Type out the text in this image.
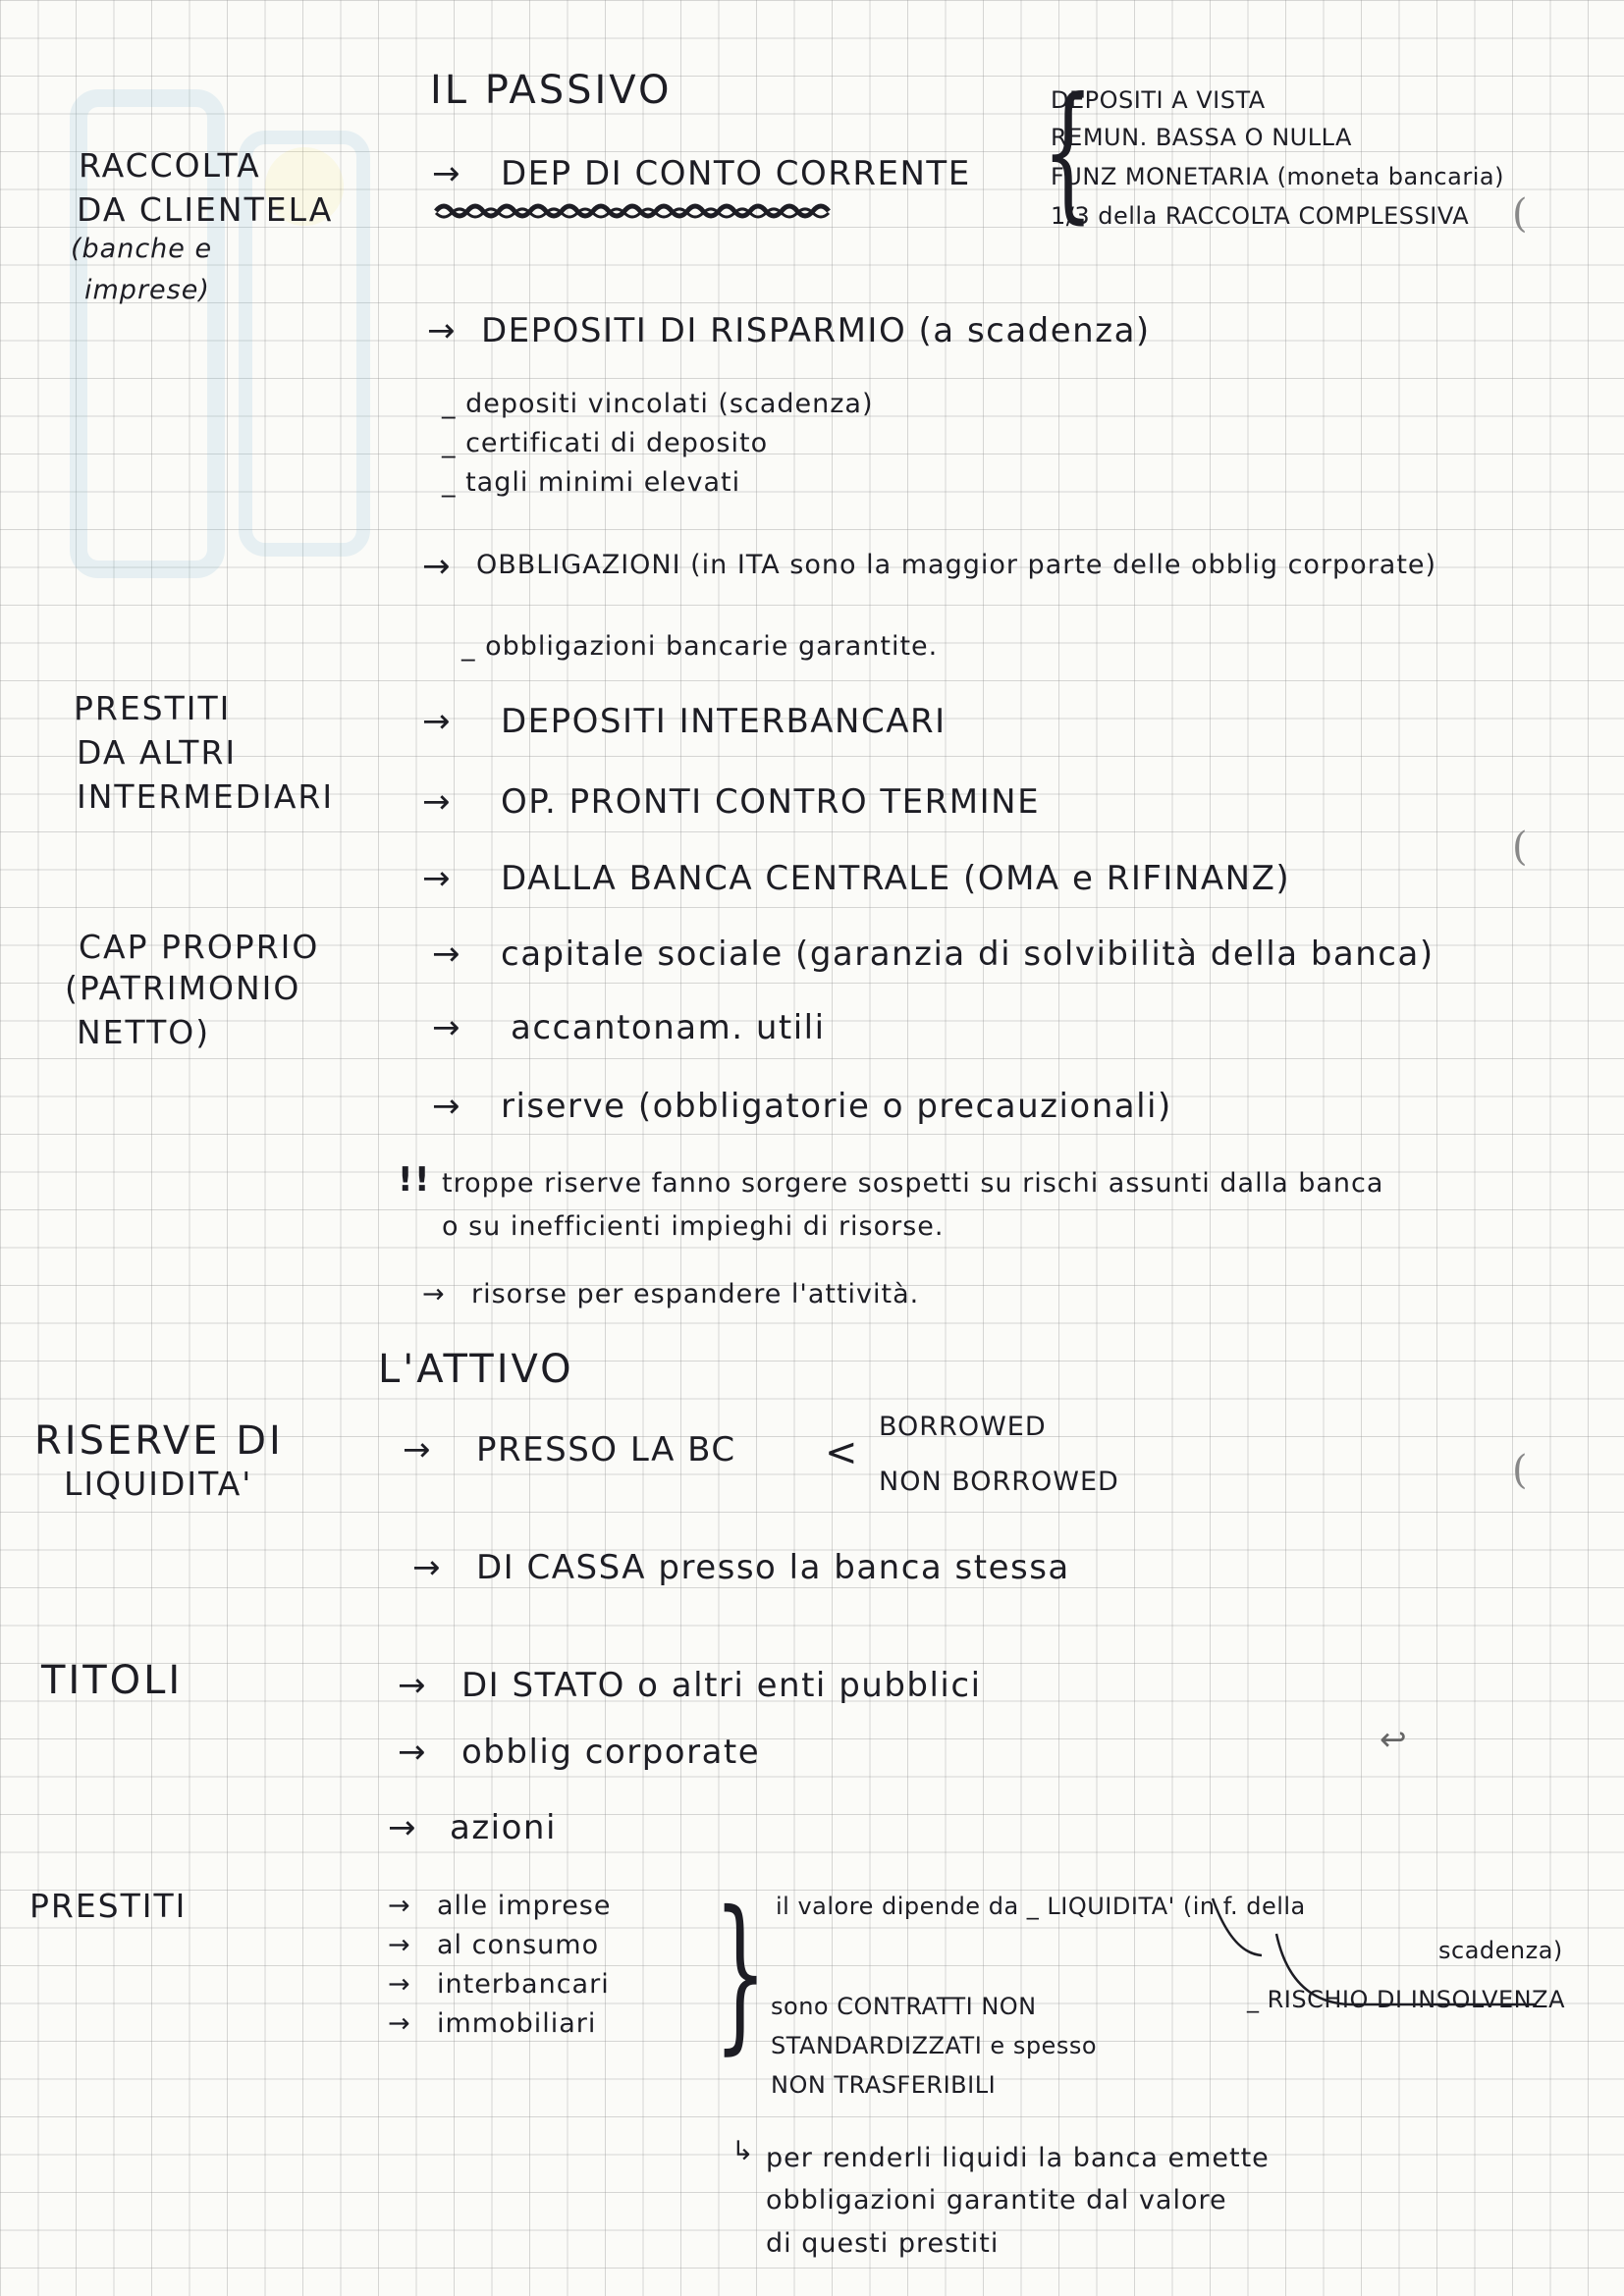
IL PASSIVO
RACCOLTA
DA CLIENTELA
(banche e
imprese)
→ DEP DI CONTO CORRENTE {
DEPOSITI A VISTA
REMUN. BASSA O NULLA
FUNZ MONETARIA (moneta bancaria)
1/3 della RACCOLTA COMPLESSIVA
→ DEPOSITI DI RISPARMIO (a scadenza)
_ depositi vincolati (scadenza)
_ certificati di deposito
_ tagli minimi elevati
→ OBBLIGAZIONI (in ITA sono la maggior parte delle obblig corporate)
_ obbligazioni bancarie garantite.
PRESTITI
DA ALTRI
INTERMEDIARI
→ DEPOSITI INTERBANCARI
→ OP. PRONTI CONTRO TERMINE
→ DALLA BANCA CENTRALE (OMA e RIFINANZ)
CAP PROPRIO
(PATRIMONIO
NETTO)
→ capitale sociale (garanzia di solvibilità della banca)
→ accantonam. utili
→ riserve (obbligatorie o precauzionali)
!! troppe riserve fanno sorgere sospetti su rischi assunti dalla banca
o su inefficienti impieghi di risorse.
→ risorse per espandere l'attività.
L'ATTIVO
RISERVE DI
LIQUIDITA'
→ PRESSO LA BC <
BORROWED
NON BORROWED
→ DI CASSA presso la banca stessa
TITOLI	→ DI STATO o altri enti pubblici
→ obblig corporate
→ azioni
↩
PRESTITI	→ alle imprese
→ al consumo
→ interbancari
→ immobiliari } il valore dipende da _ LIQUIDITA' (in f. della
scadenza)
_ RISCHIO DI INSOLVENZA
sono CONTRATTI NON
STANDARDIZZATI e spesso
NON TRASFERIBILI
↳ per renderli liquidi la banca emette
obbligazioni garantite dal valore
di questi prestiti
(
(
(
